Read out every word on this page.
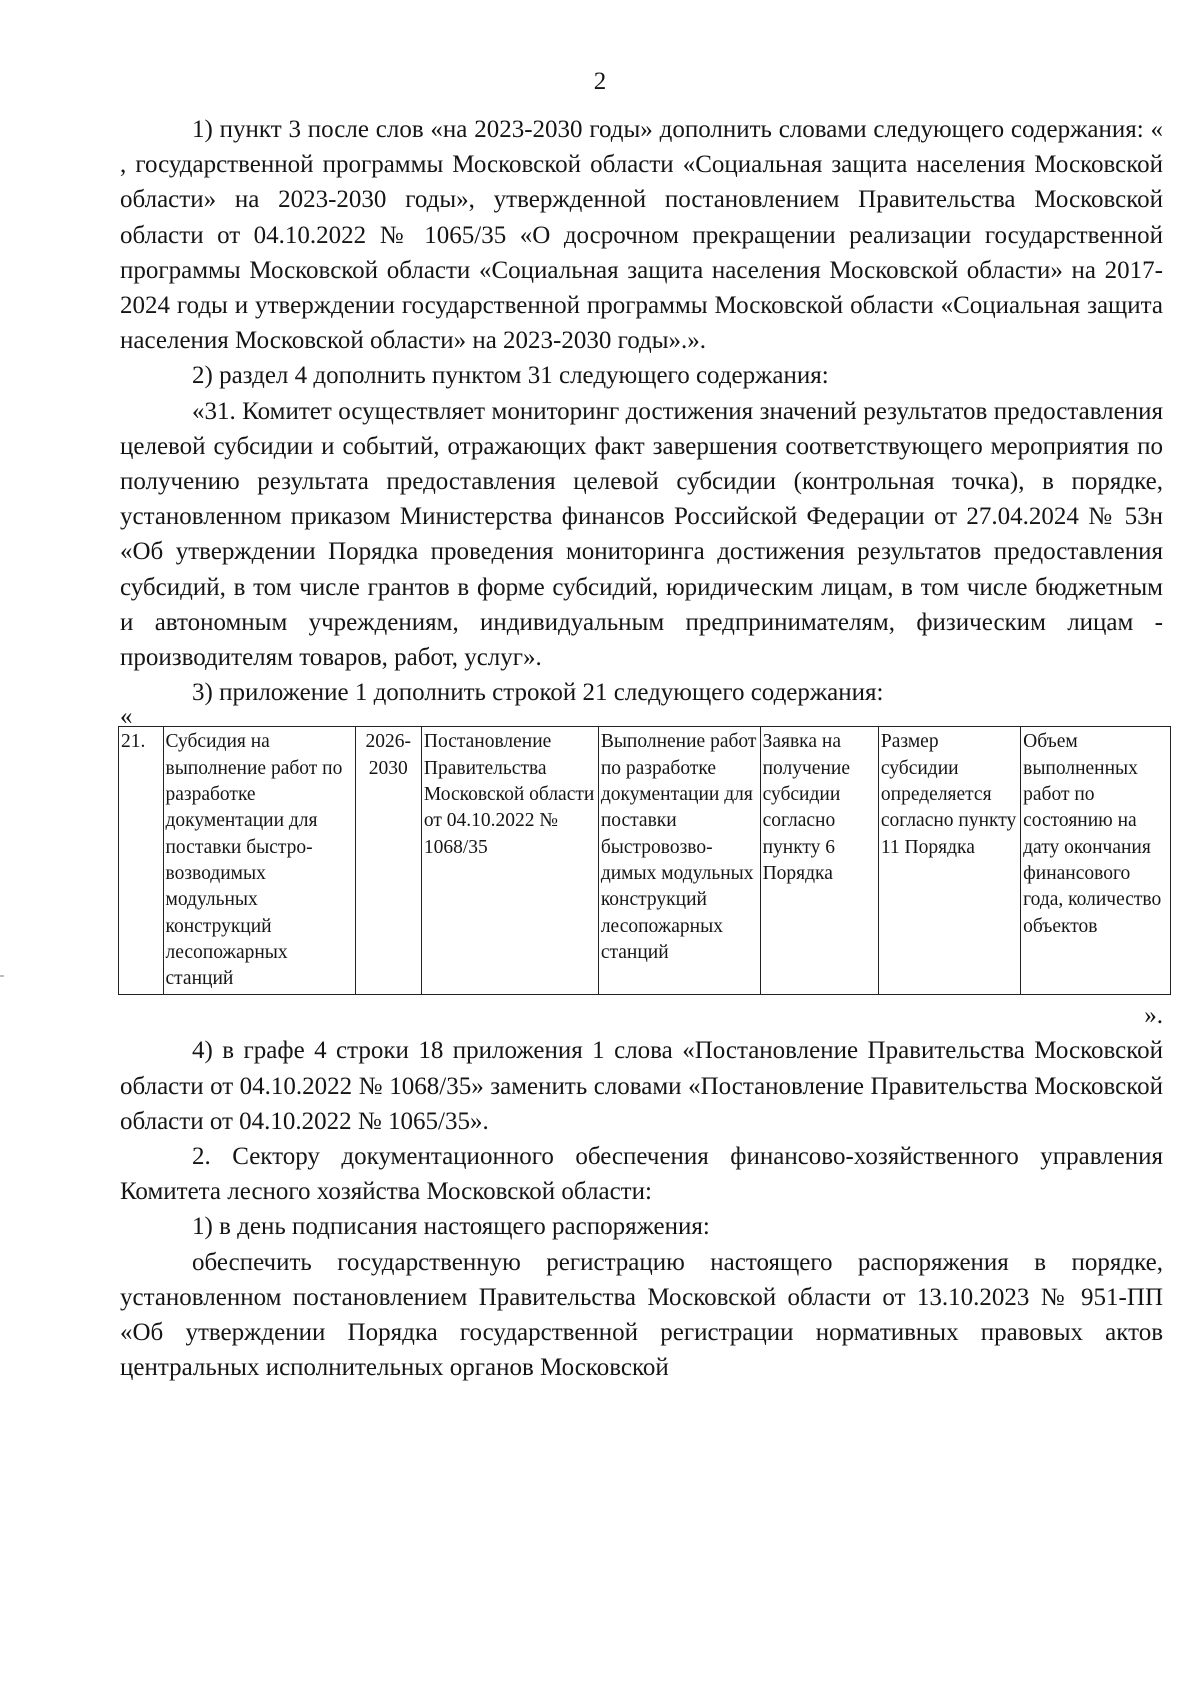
2

1) пункт 3 после слов «на 2023-2030 годы» дополнить словами следующего содержания: « , государственной программы Московской области «Социальная защита населения Московской области» на 2023-2030 годы», утвержденной постановлением Правительства Московской области от 04.10.2022 № 1065/35 «О досрочном прекращении реализации государственной программы Московской области «Социальная защита населения Московской области» на 2017-2024 годы и утверждении государственной программы Московской области «Социальная защита населения Московской области» на 2023-2030 годы».».

2) раздел 4 дополнить пунктом 31 следующего содержания:

«31. Комитет осуществляет мониторинг достижения значений результатов предоставления целевой субсидии и событий, отражающих факт завершения соответствующего мероприятия по получению результата предоставления целевой субсидии (контрольная точка), в порядке, установленном приказом Министерства финансов Российской Федерации от 27.04.2024 № 53н «Об утверждении Порядка проведения мониторинга достижения результатов предоставления субсидий, в том числе грантов в форме субсидий, юридическим лицам, в том числе бюджетным и автономным учреждениям, индивидуальным предпринимателям, физическим лицам - производителям товаров, работ, услуг».

3) приложение 1 дополнить строкой 21 следующего содержания:

«
21.	Субсидия на выполнение работ по разработке документации для поставки быстро-возводимых модульных конструкций лесопожарных станций	2026-2030	Постановление Правительства Московской области от 04.10.2022 № 1068/35	Выполнение работ по разработке документации для поставки быстровозво-димых модульных конструкций лесопожарных станций	Заявка на получение субсидии согласно пункту 6 Порядка	Размер субсидии определяется согласно пункту 11 Порядка	Объем выполненных работ по состоянию на дату окончания финансового года, количество объектов
».

4) в графе 4 строки 18 приложения 1 слова «Постановление Правительства Московской области от 04.10.2022 № 1068/35» заменить словами «Постановление Правительства Московской области от 04.10.2022 № 1065/35».

2. Сектору документационного обеспечения финансово-хозяйственного управления Комитета лесного хозяйства Московской области:

1) в день подписания настоящего распоряжения:

обеспечить государственную регистрацию настоящего распоряжения в порядке, установленном постановлением Правительства Московской области от 13.10.2023 № 951-ПП «Об утверждении Порядка государственной регистрации нормативных правовых актов центральных исполнительных органов Московской
